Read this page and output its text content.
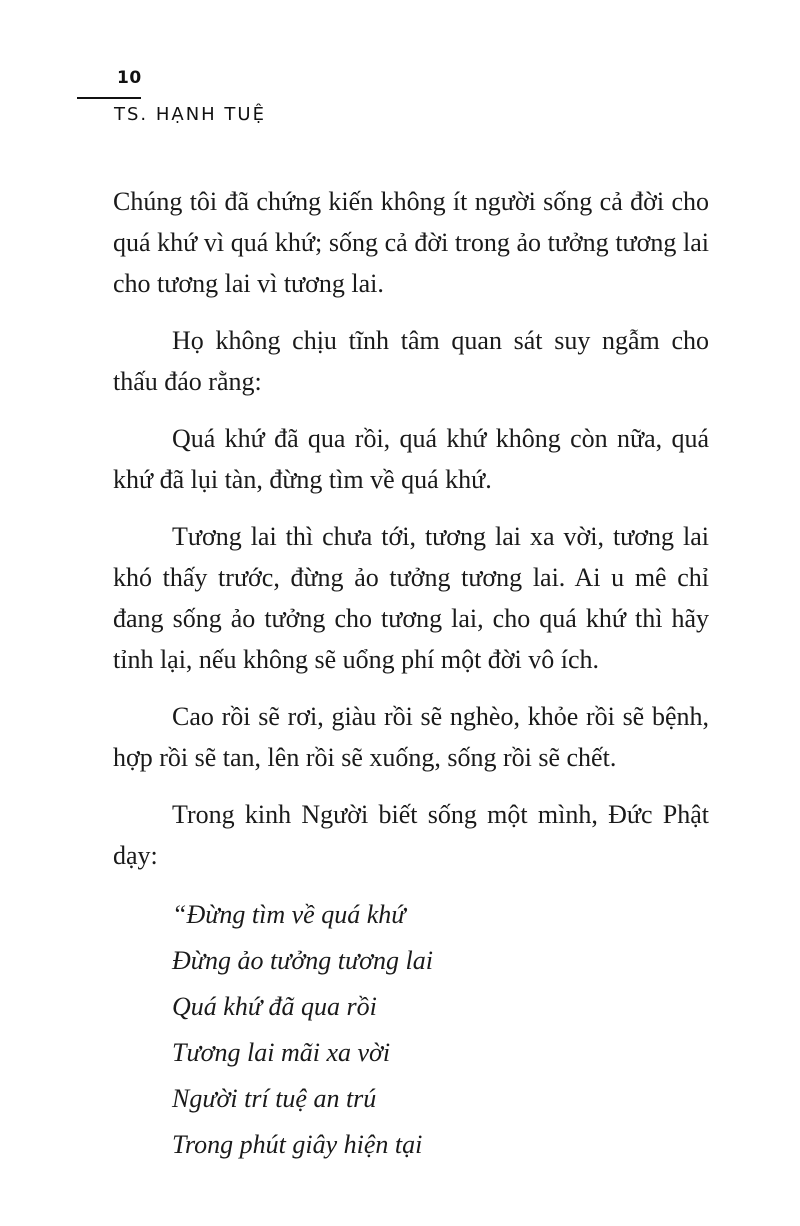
10
TS. HẠNH TUỆ

Chúng tôi đã chứng kiến không ít người sống cả đời cho quá khứ vì quá khứ; sống cả đời trong ảo tưởng tương lai cho tương lai vì tương lai.

Họ không chịu tĩnh tâm quan sát suy ngẫm cho thấu đáo rằng:

Quá khứ đã qua rồi, quá khứ không còn nữa, quá khứ đã lụi tàn, đừng tìm về quá khứ.

Tương lai thì chưa tới, tương lai xa vời, tương lai khó thấy trước, đừng ảo tưởng tương lai. Ai u mê chỉ đang sống ảo tưởng cho tương lai, cho quá khứ thì hãy tỉnh lại, nếu không sẽ uổng phí một đời vô ích.

Cao rồi sẽ rơi, giàu rồi sẽ nghèo, khỏe rồi sẽ bệnh, hợp rồi sẽ tan, lên rồi sẽ xuống, sống rồi sẽ chết.

Trong kinh Người biết sống một mình, Đức Phật dạy:

“Đừng tìm về quá khứ
Đừng ảo tưởng tương lai
Quá khứ đã qua rồi
Tương lai mãi xa vời
Người trí tuệ an trú
Trong phút giây hiện tại
